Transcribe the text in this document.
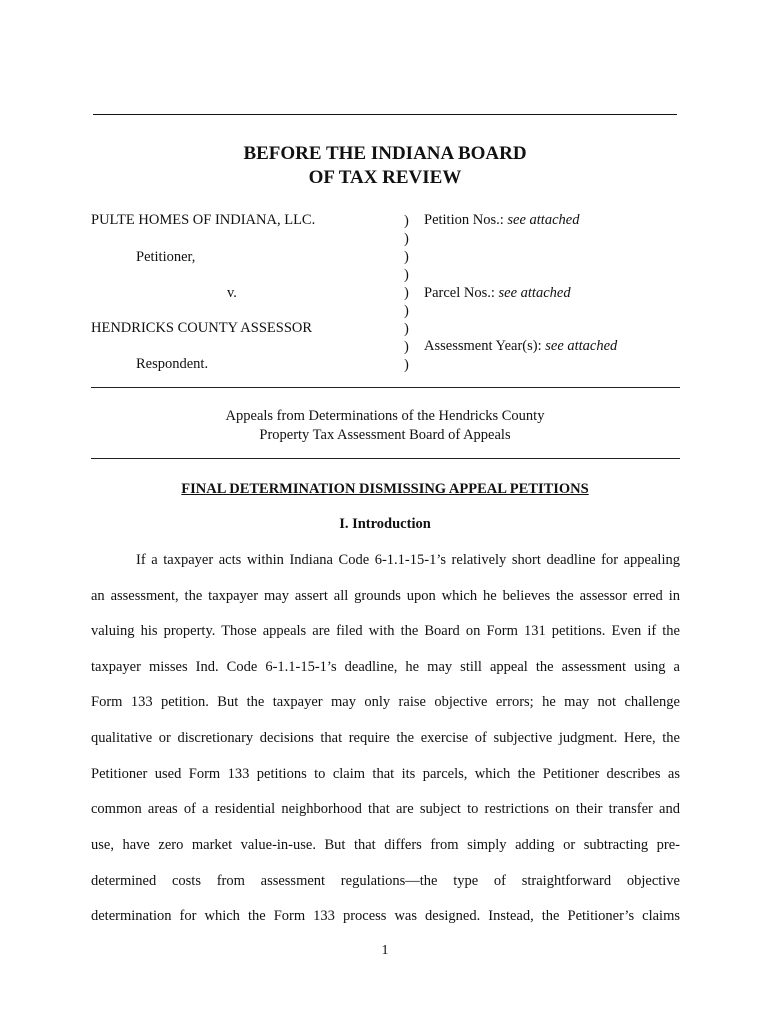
BEFORE THE INDIANA BOARD
OF TAX REVIEW
PULTE HOMES OF INDIANA, LLC.
Petitioner,
v.
HENDRICKS COUNTY ASSESSOR
Respondent.
)
)
)
)
)
)
)
)
)
Petition Nos.: see attached
Parcel Nos.: see attached
Assessment Year(s): see attached
Appeals from Determinations of the Hendricks County
Property Tax Assessment Board of Appeals
FINAL DETERMINATION DISMISSING APPEAL PETITIONS
I. Introduction
If a taxpayer acts within Indiana Code 6-1.1-15-1’s relatively short deadline for appealing
an assessment, the taxpayer may assert all grounds upon which he believes the assessor erred in
valuing his property. Those appeals are filed with the Board on Form 131 petitions. Even if the
taxpayer misses Ind. Code 6-1.1-15-1’s deadline, he may still appeal the assessment using a
Form 133 petition. But the taxpayer may only raise objective errors; he may not challenge
qualitative or discretionary decisions that require the exercise of subjective judgment. Here, the
Petitioner used Form 133 petitions to claim that its parcels, which the Petitioner describes as
common areas of a residential neighborhood that are subject to restrictions on their transfer and
use, have zero market value-in-use. But that differs from simply adding or subtracting pre-
determined costs from assessment regulations—the type of straightforward objective
determination for which the Form 133 process was designed. Instead, the Petitioner’s claims
1
